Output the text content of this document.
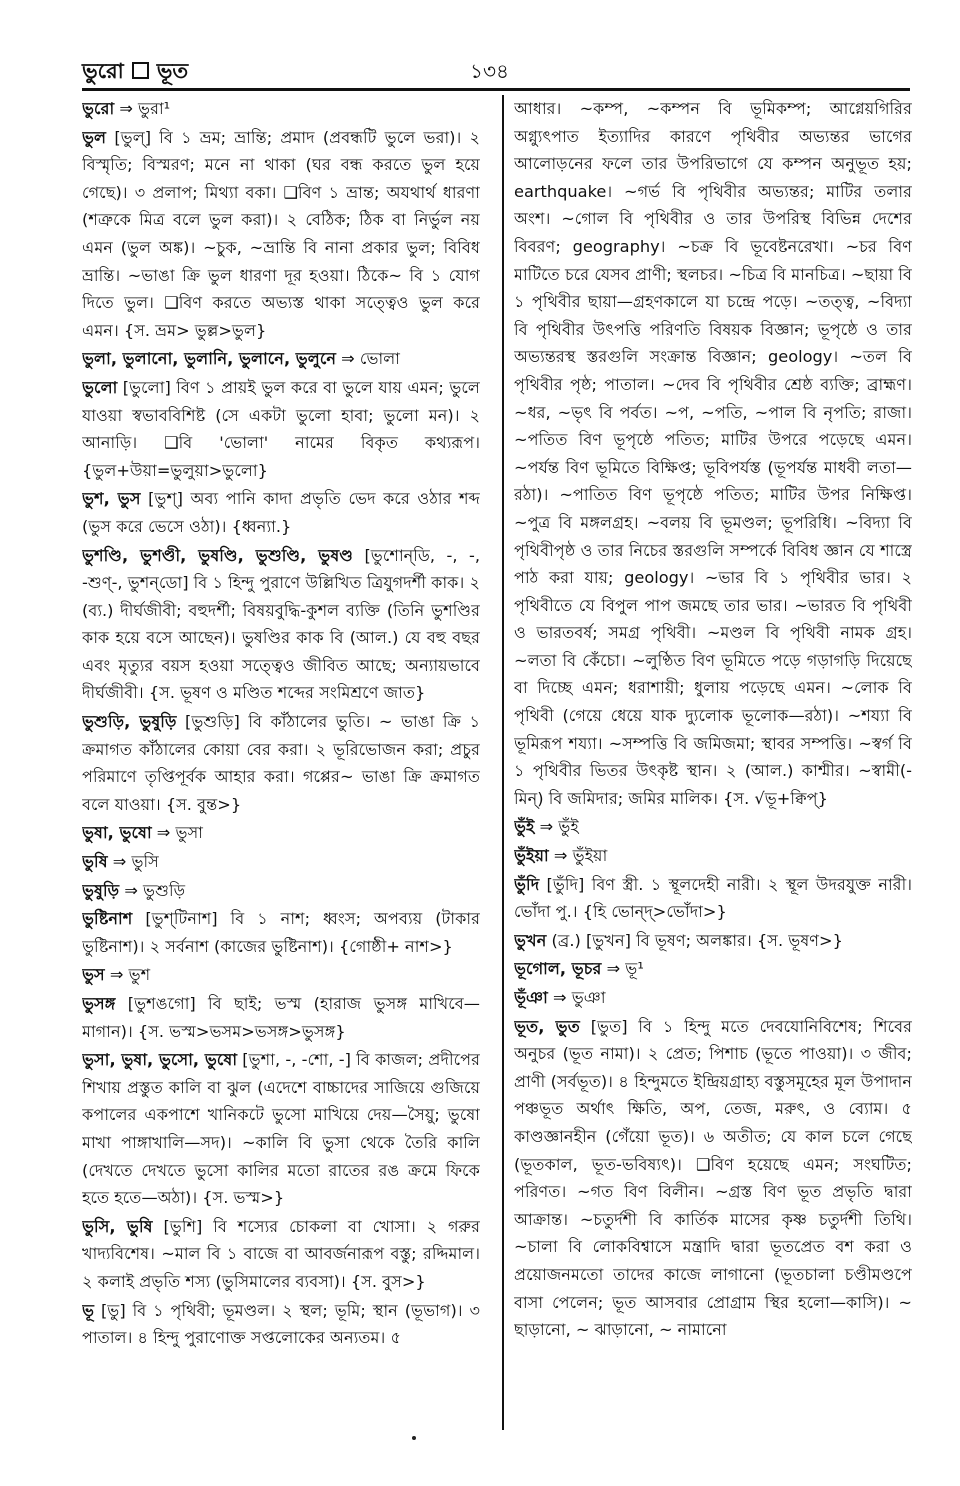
ভুরো ভূত	১৩৪

ভুরো ⇒ ভুরা¹

ভুল [ভুল্] বি ১ ভ্রম; ভ্রান্তি; প্রমাদ (প্রবন্ধটি ভুলে ভরা)। ২ বিস্মৃতি; বিস্মরণ; মনে না থাকা (ঘর বন্ধ করতে ভুল হয়ে গেছে)। ৩ প্রলাপ; মিথ্যা বকা। ❑বিণ ১ ভ্রান্ত; অযথার্থ ধারণা (শত্রুকে মিত্র বলে ভুল করা)। ২ বেঠিক; ঠিক বা নির্ভুল নয় এমন (ভুল অঙ্ক)। ~চুক, ~ভ্রান্তি বি নানা প্রকার ভুল; বিবিধ ভ্রান্তি। ~ভাঙা ক্রি ভুল ধারণা দূর হওয়া। ঠিকে~ বি ১ যোগ দিতে ভুল। ❑বিণ করতে অভ্যস্ত থাকা সত্ত্বেও ভুল করে এমন। {স. ভ্রম> ভুল্ল>ভুল}

ভুলা, ভুলানো, ভুলানি, ভুলানে, ভুলুনে ⇒ ভোলা

ভুলো [ভুলো] বিণ ১ প্রায়ই ভুল করে বা ভুলে যায় এমন; ভুলে যাওয়া স্বভাববিশিষ্ট (সে একটা ভুলো হাবা; ভুলো মন)। ২ আনাড়ি। ❑বি 'ভোলা' নামের বিকৃত কথ্যরূপ। {ভুল+উয়া=ভুলুয়া>ভুলো}

ভুশ, ভুস [ভুশ্] অব্য পানি কাদা প্রভৃতি ভেদ করে ওঠার শব্দ (ভুস করে ভেসে ওঠা)। {ধ্বন্যা.}

ভুশণ্ডি, ভুশণ্ডী, ভুষণ্ডি, ভুশুণ্ডি, ভুষণ্ড [ভুশোন্‌ডি, -, -, -শুণ্-, ভুশন্‌ডো] বি ১ হিন্দু পুরাণে উল্লিখিত ত্রিযুগদর্শী কাক। ২ (ব্য.) দীর্ঘজীবী; বহুদর্শী; বিষয়বুদ্ধি-কুশল ব্যক্তি (তিনি ভুশণ্ডির কাক হয়ে বসে আছেন)। ভুষণ্ডির কাক বি (আল.) যে বহু বছর এবং মৃত্যুর বয়স হওয়া সত্ত্বেও জীবিত আছে; অন্যায়ভাবে দীর্ঘজীবী। {স. ভূষণ ও মণ্ডিত শব্দের সংমিশ্রণে জাত}

ভুশুড়ি, ভুষুড়ি [ভুশুড়ি] বি কাঁঠালের ভুতি। ~ ভাঙা ক্রি ১ ক্রমাগত কাঁঠালের কোয়া বের করা। ২ ভূরিভোজন করা; প্রচুর পরিমাণে তৃপ্তিপূর্বক আহার করা। গপ্পের~ ভাঙা ক্রি ক্রমাগত বলে যাওয়া। {স. বুন্ত>}

ভুষা, ভুষো ⇒ ভুসা

ভুষি ⇒ ভুসি

ভুষুড়ি ⇒ ভুশুড়ি

ভুষ্টিনাশ [ভুশ্‌টিনাশ] বি ১ নাশ; ধ্বংস; অপব্যয় (টাকার ভুষ্টিনাশ)। ২ সর্বনাশ (কাজের ভুষ্টিনাশ)। {গোষ্ঠী+ নাশ>}

ভুস ⇒ ভুশ

ভুসঙ্গ [ভুশঙগো] বি ছাই; ভস্ম (হারাজ ভুসঙ্গ মাখিবে—মাগান)। {স. ভস্ম>ভসম>ভসঙ্গ>ভুসঙ্গ}

ভুসা, ভুষা, ভুসো, ভুষো [ভুশা, -, -শো, -] বি কাজল; প্রদীপের শিখায় প্রস্তুত কালি বা ঝুল (এদেশে বাচ্চাদের সাজিয়ে গুজিয়ে কপালের একপাশে খানিকটে ভুসো মাখিয়ে দেয়—সৈয়ু; ভুষো মাখা পাঙ্গাখালি—সদ)। ~কালি বি ভুসা থেকে তৈরি কালি (দেখতে দেখতে ভুসো কালির মতো রাতের রঙ ক্রমে ফিকে হতে হতে—অঠা)। {স. ভস্ম>}

ভুসি, ভুষি [ভুশি] বি শস্যের চোকলা বা খোসা। ২ গরুর খাদ্যবিশেষ। ~মাল বি ১ বাজে বা আবর্জনারূপ বস্তু; রদ্দিমাল। ২ কলাই প্রভৃতি শস্য (ভুসিমালের ব্যবসা)। {স. বুস>}

ভূ [ভু] বি ১ পৃথিবী; ভূমণ্ডল। ২ স্থল; ভূমি; স্থান (ভূভাগ)। ৩ পাতাল। ৪ হিন্দু পুরাণোক্ত সপ্তলোকের অন্যতম। ৫

আধার। ~কম্প, ~কম্পন বি ভূমিকম্প; আগ্নেয়গিরির অগ্ন্যুৎপাত ইত্যাদির কারণে পৃথিবীর অভ্যন্তর ভাগের আলোড়নের ফলে তার উপরিভাগে যে কম্পন অনুভূত হয়; earthquake। ~গর্ভ বি পৃথিবীর অভ্যন্তর; মাটির তলার অংশ। ~গোল বি পৃথিবীর ও তার উপরিস্থ বিভিন্ন দেশের বিবরণ; geography। ~চক্র বি ভূবেষ্টনরেখা। ~চর বিণ মাটিতে চরে যেসব প্রাণী; স্থলচর। ~চিত্র বি মানচিত্র। ~ছায়া বি ১ পৃথিবীর ছায়া—গ্রহণকালে যা চন্দ্রে পড়ে। ~তত্ত্ব, ~বিদ্যা বি পৃথিবীর উৎপত্তি পরিণতি বিষয়ক বিজ্ঞান; ভূপৃষ্ঠে ও তার অভ্যন্তরস্থ স্তরগুলি সংক্রান্ত বিজ্ঞান; geology। ~তল বি পৃথিবীর পৃষ্ঠ; পাতাল। ~দেব বি পৃথিবীর শ্রেষ্ঠ ব্যক্তি; ব্রাহ্মণ। ~ধর, ~ভৃৎ বি পর্বত। ~প, ~পতি, ~পাল বি নৃপতি; রাজা। ~পতিত বিণ ভূপৃষ্ঠে পতিত; মাটির উপরে পড়েছে এমন। ~পর্যন্ত বিণ ভূমিতে বিক্ষিপ্ত; ভূবিপর্যস্ত (ভূপর্যন্ত মাধবী লতা—রঠা)। ~পাতিত বিণ ভূপৃষ্ঠে পতিত; মাটির উপর নিক্ষিপ্ত। ~পুত্র বি মঙ্গলগ্রহ। ~বলয় বি ভূমণ্ডল; ভূপরিধি। ~বিদ্যা বি পৃথিবীপৃষ্ঠ ও তার নিচের স্তরগুলি সম্পর্কে বিবিধ জ্ঞান যে শাস্ত্রে পাঠ করা যায়; geology। ~ভার বি ১ পৃথিবীর ভার। ২ পৃথিবীতে যে বিপুল পাপ জমছে তার ভার। ~ভারত বি পৃথিবী ও ভারতবর্ষ; সমগ্র পৃথিবী। ~মণ্ডল বি পৃথিবী নামক গ্রহ। ~লতা বি কেঁচো। ~লুণ্ঠিত বিণ ভূমিতে পড়ে গড়াগড়ি দিয়েছে বা দিচ্ছে এমন; ধরাশায়ী; ধুলায় পড়েছে এমন। ~লোক বি পৃথিবী (গেয়ে ধেয়ে যাক দ্যুলোক ভূলোক—রঠা)। ~শয্যা বি ভূমিরূপ শয্যা। ~সম্পত্তি বি জমিজমা; স্থাবর সম্পত্তি। ~স্বর্গ বি ১ পৃথিবীর ভিতর উৎকৃষ্ট স্থান। ২ (আল.) কাশ্মীর। ~স্বামী(-মিন্) বি জমিদার; জমির মালিক। {স. √ভূ+ক্বিপ্}

ভুঁই ⇒ ভুঁই

ভুঁইয়া ⇒ ভুঁইয়া

ভুঁদি [ভুঁদি] বিণ স্ত্রী. ১ স্থূলদেহী নারী। ২ স্থূল উদরযুক্ত নারী। ভোঁদা পু.। {হি ভোন্দ্>ভোঁদা>}

ভুখন (ব্র.) [ভুখন] বি ভূষণ; অলঙ্কার। {স. ভূষণ>}

ভূগোল, ভূচর ⇒ ভূ¹

ভূঁঞা ⇒ ভুঞা

ভূত, ভুত [ভুত] বি ১ হিন্দু মতে দেবযোনিবিশেষ; শিবের অনুচর (ভূত নামা)। ২ প্রেত; পিশাচ (ভূতে পাওয়া)। ৩ জীব; প্রাণী (সর্বভূত)। ৪ হিন্দুমতে ইন্দ্রিয়গ্রাহ্য বস্তুসমূহের মূল উপাদান পঞ্চভূত অর্থাৎ ক্ষিতি, অপ, তেজ, মরুৎ, ও ব্যোম। ৫ কাণ্ডজ্ঞানহীন (গেঁয়ো ভূত)। ৬ অতীত; যে কাল চলে গেছে (ভূতকাল, ভূত-ভবিষ্যৎ)। ❑বিণ হয়েছে এমন; সংঘটিত; পরিণত। ~গত বিণ বিলীন। ~গ্রস্ত বিণ ভূত প্রভৃতি দ্বারা আক্রান্ত। ~চতুর্দশী বি কার্তিক মাসের কৃষ্ণ চতুর্দশী তিথি। ~চালা বি লোকবিশ্বাসে মন্ত্রাদি দ্বারা ভূতপ্রেত বশ করা ও প্রয়োজনমতো তাদের কাজে লাগানো (ভূতচালা চণ্ডীমণ্ডপে বাসা পেলেন; ভূত আসবার প্রোগ্রাম স্থির হলো—কাসি)। ~ ছাড়ানো, ~ ঝাড়ানো, ~ নামানো
